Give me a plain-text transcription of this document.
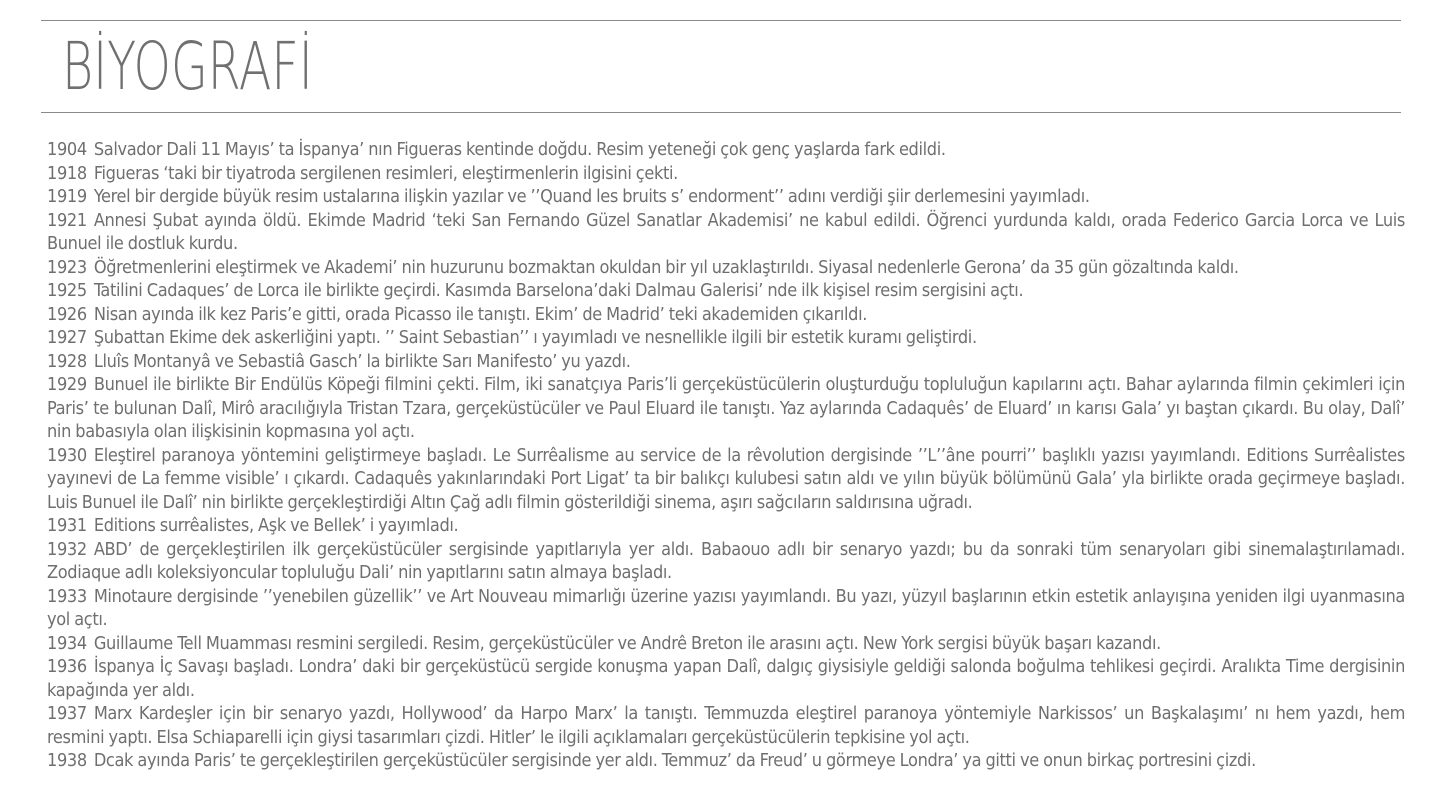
BİYOGRAFİ

1904 Salvador Dali 11 Mayıs’ ta İspanya’ nın Figueras kentinde doğdu. Resim yeteneği çok genç yaşlarda fark edildi.

1918 Figueras ‘taki bir tiyatroda sergilenen resimleri, eleştirmenlerin ilgisini çekti.

1919 Yerel bir dergide büyük resim ustalarına ilişkin yazılar ve ’’Quand les bruits s’ endorment’’ adını verdiği şiir derlemesini yayımladı.

1921 Annesi Şubat ayında öldü. Ekimde Madrid ‘teki San Fernando Güzel Sanatlar Akademisi’ ne kabul edildi. Öğrenci yurdunda kaldı, orada Federico Garcia Lorca ve Luis Bunuel ile dostluk kurdu.

1923 Öğretmenlerini eleştirmek ve Akademi’ nin huzurunu bozmaktan okuldan bir yıl uzaklaştırıldı. Siyasal nedenlerle Gerona’ da 35 gün gözaltında kaldı.

1925 Tatilini Cadaques’ de Lorca ile birlikte geçirdi. Kasımda Barselona’daki Dalmau Galerisi’ nde ilk kişisel resim sergisini açtı.

1926 Nisan ayında ilk kez Paris’e gitti, orada Picasso ile tanıştı. Ekim’ de Madrid’ teki akademiden çıkarıldı.

1927 Şubattan Ekime dek askerliğini yaptı. ’’ Saint Sebastian’’ ı yayımladı ve nesnellikle ilgili bir estetik kuramı geliştirdi.

1928 Lluîs Montanyâ ve Sebastiâ Gasch’ la birlikte Sarı Manifesto’ yu yazdı.

1929 Bunuel ile birlikte Bir Endülüs Köpeği filmini çekti. Film, iki sanatçıya Paris’li gerçeküstücülerin oluşturduğu topluluğun kapılarını açtı. Bahar aylarında filmin çekimleri için Paris’ te bulunan Dalî, Mirô aracılığıyla Tristan Tzara, gerçeküstücüler ve Paul Eluard ile tanıştı. Yaz aylarında Cadaquês’ de Eluard’ ın karısı Gala’ yı baştan çıkardı. Bu olay, Dalî’ nin babasıyla olan ilişkisinin kopmasına yol açtı.

1930 Eleştirel paranoya yöntemini geliştirmeye başladı. Le Surrêalisme au service de la rêvolution dergisinde ’’L’’âne pourri’’ başlıklı yazısı yayımlandı. Editions Surrêalistes yayınevi de La femme visible’ ı çıkardı. Cadaquês yakınlarındaki Port Ligat’ ta bir balıkçı kulubesi satın aldı ve yılın büyük bölümünü Gala’ yla birlikte orada geçirmeye başladı. Luis Bunuel ile Dalî’ nin birlikte gerçekleştirdiği Altın Çağ adlı filmin gösterildiği sinema, aşırı sağcıların saldırısına uğradı.

1931 Editions surrêalistes, Aşk ve Bellek’ i yayımladı.

1932 ABD’ de gerçekleştirilen ilk gerçeküstücüler sergisinde yapıtlarıyla yer aldı. Babaouo adlı bir senaryo yazdı; bu da sonraki tüm senaryoları gibi sinemalaştırılamadı. Zodiaque adlı koleksiyoncular topluluğu Dali’ nin yapıtlarını satın almaya başladı.

1933 Minotaure dergisinde ’’yenebilen güzellik’’ ve Art Nouveau mimarlığı üzerine yazısı yayımlandı. Bu yazı, yüzyıl başlarının etkin estetik anlayışına yeniden ilgi uyanmasına yol açtı.

1934 Guillaume Tell Muamması resmini sergiledi. Resim, gerçeküstücüler ve Andrê Breton ile arasını açtı. New York sergisi büyük başarı kazandı.

1936 İspanya İç Savaşı başladı. Londra’ daki bir gerçeküstücü sergide konuşma yapan Dalî, dalgıç giysisiyle geldiği salonda boğulma tehlikesi geçirdi. Aralıkta Time dergisinin kapağında yer aldı.

1937 Marx Kardeşler için bir senaryo yazdı, Hollywood’ da Harpo Marx’ la tanıştı. Temmuzda eleştirel paranoya yöntemiyle Narkissos’ un Başkalaşımı’ nı hem yazdı, hem resmini yaptı. Elsa Schiaparelli için giysi tasarımları çizdi. Hitler’ le ilgili açıklamaları gerçeküstücülerin tepkisine yol açtı.

1938 Dcak ayında Paris’ te gerçekleştirilen gerçeküstücüler sergisinde yer aldı. Temmuz’ da Freud’ u görmeye Londra’ ya gitti ve onun birkaç portresini çizdi.
